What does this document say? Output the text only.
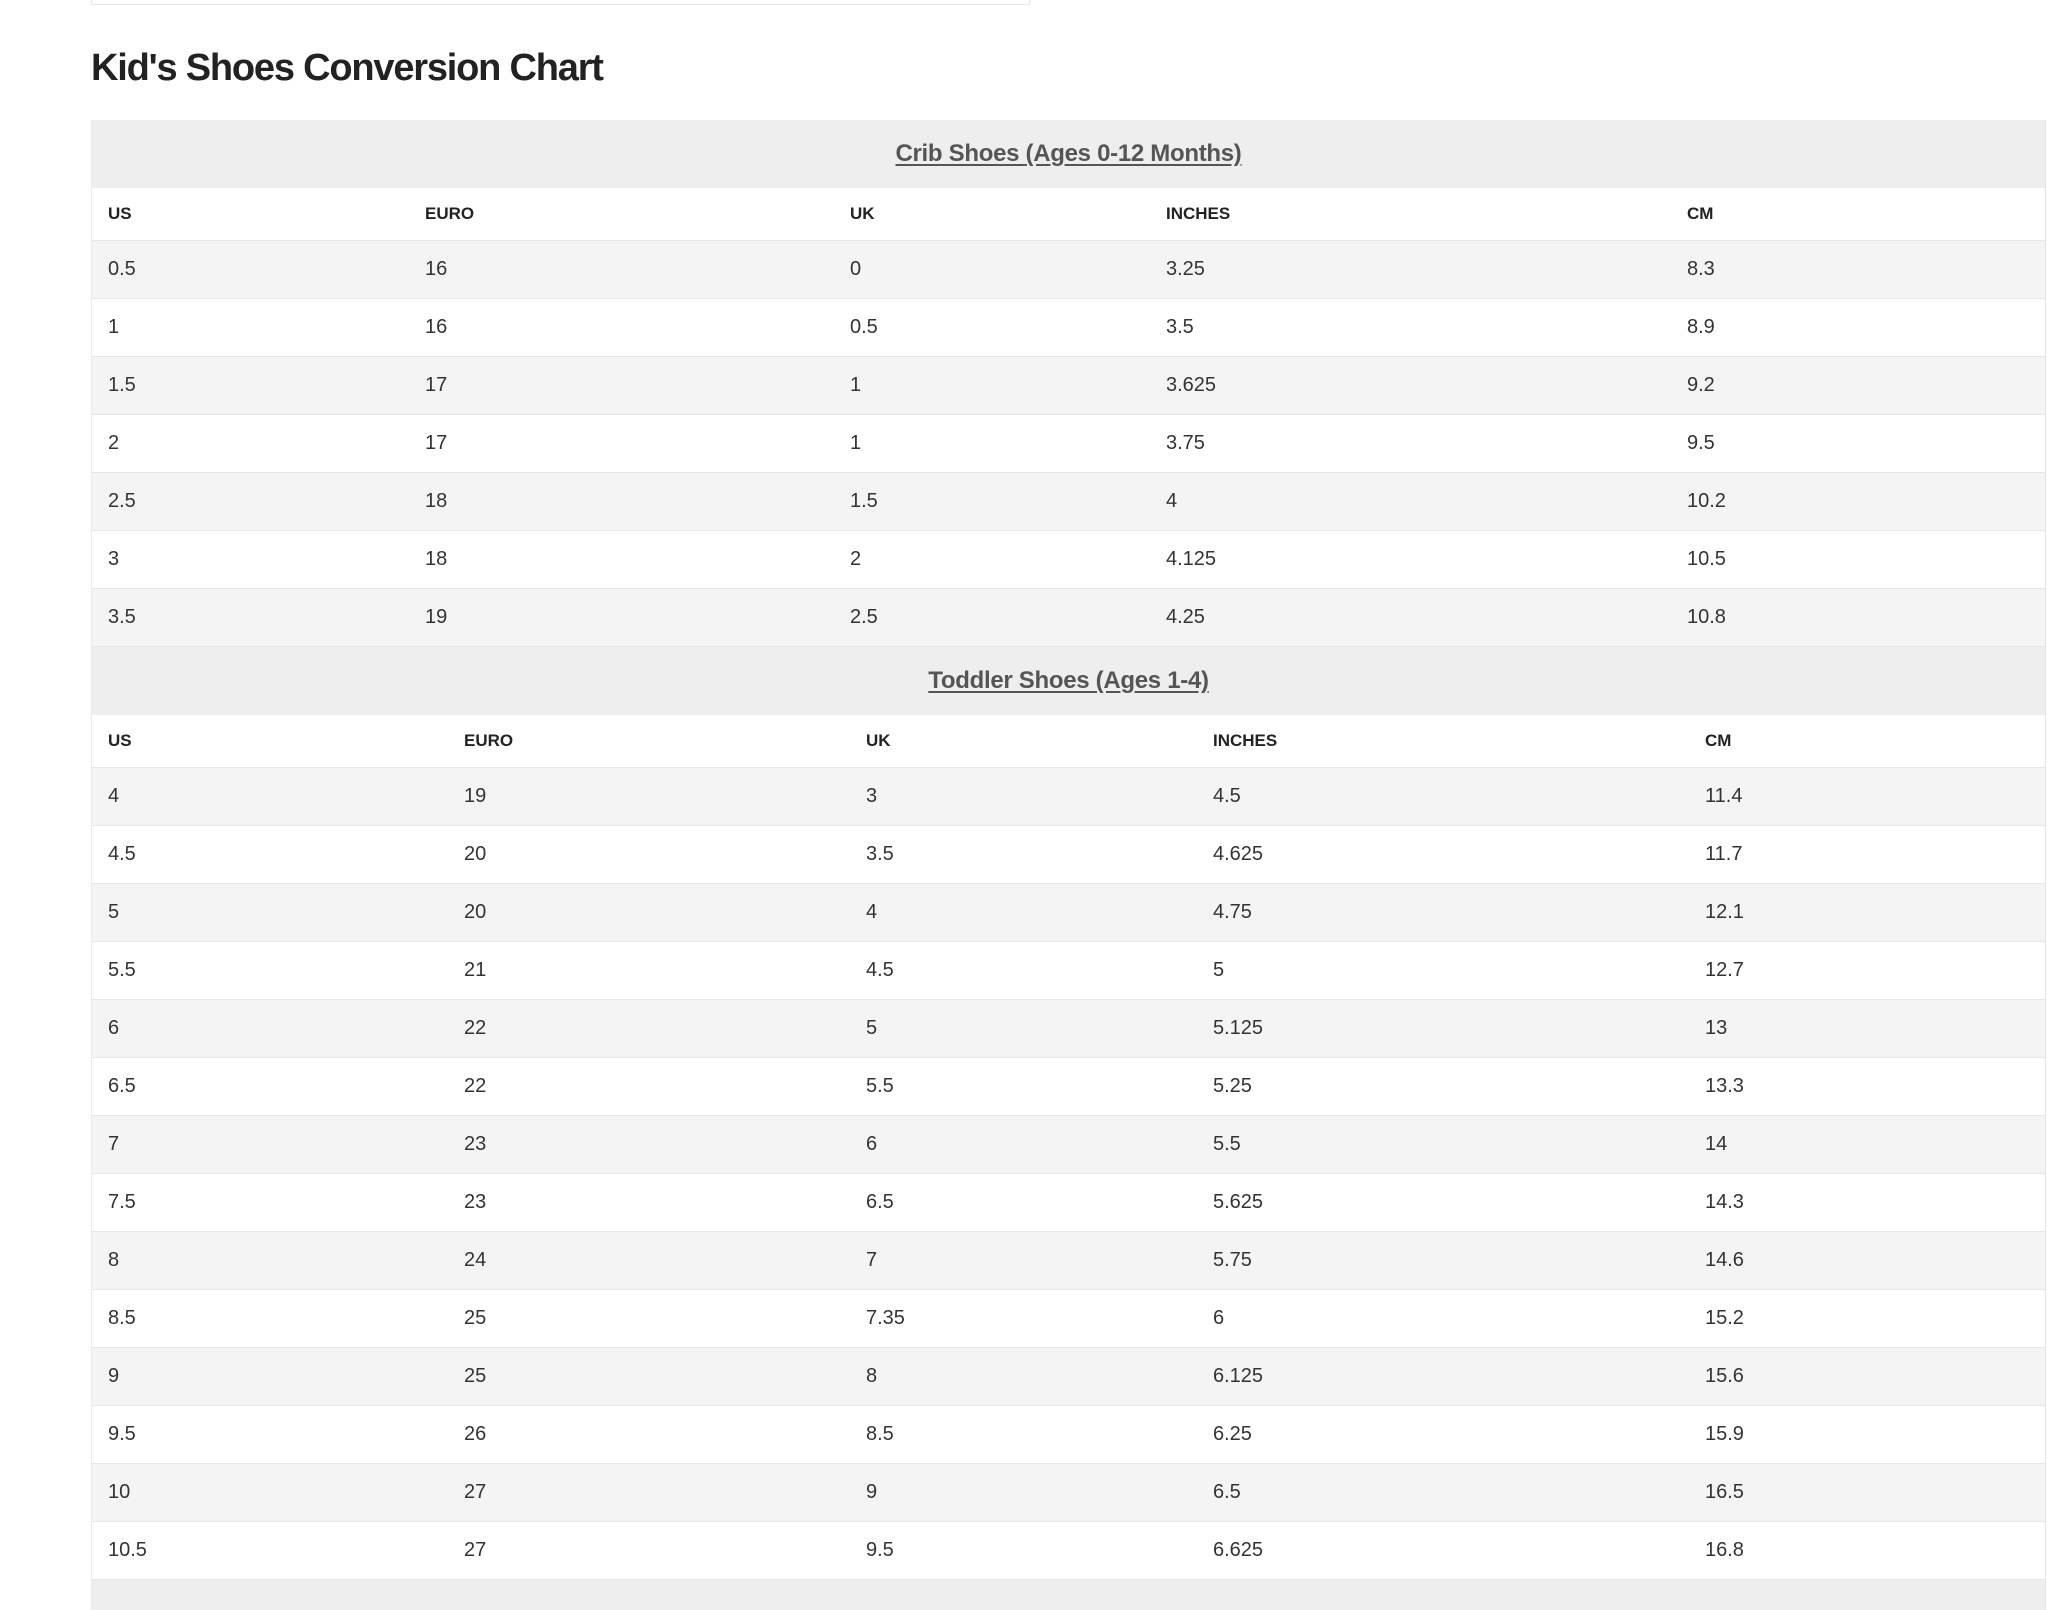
Kid's Shoes Conversion Chart
Crib Shoes (Ages 0-12 Months)				
US	EURO	UK	INCHES	CM
0.5	16	0	3.25	8.3
1	16	0.5	3.5	8.9
1.5	17	1	3.625	9.2
2	17	1	3.75	9.5
2.5	18	1.5	4	10.2
3	18	2	4.125	10.5
3.5	19	2.5	4.25	10.8
Toddler Shoes (Ages 1-4)				
US	EURO	UK	INCHES	CM
4	19	3	4.5	11.4
4.5	20	3.5	4.625	11.7
5	20	4	4.75	12.1
5.5	21	4.5	5	12.7
6	22	5	5.125	13
6.5	22	5.5	5.25	13.3
7	23	6	5.5	14
7.5	23	6.5	5.625	14.3
8	24	7	5.75	14.6
8.5	25	7.35	6	15.2
9	25	8	6.125	15.6
9.5	26	8.5	6.25	15.9
10	27	9	6.5	16.5
10.5	27	9.5	6.625	16.8
